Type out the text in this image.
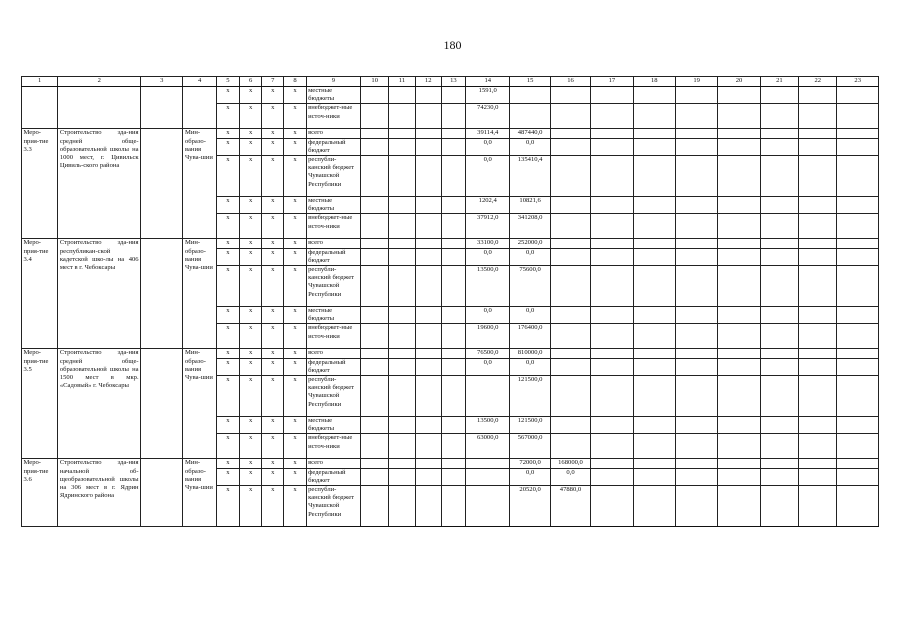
180
1	2	3	4	5	6	7	8	9	10	11	12	13	14	15	16	17	18	19	20	21	22	23
				x	x	x	x	местные бюджеты					1591,0									
				x	x	x	x	внебюджет-ные источ-ники					74230,0									
Меро-прия-тие 3.3	Строительство зда-ния средней обще-образовательной школы на 1000 мест, г. Цивильск Цивиль-ского района		Мин-образо-вания Чува-шии	x	x	x	x	всего					39114,4	487440,0								
				x	x	x	x	федеральный бюджет					0,0	0,0								
				x	x	x	x	республи-канский бюджет Чувашской Республики					0,0	135410,4								
				x	x	x	x	местные бюджеты					1202,4	10821,6								
				x	x	x	x	внебюджет-ные источ-ники					37912,0	341208,0								
Меро-прия-тие 3.4	Строительство зда-ния республикан-ской кадетской шко-лы на 406 мест в г. Чебоксары		Мин-образо-вания Чува-шии	x	x	x	x	всего					33100,0	252000,0								
				x	x	x	x	федеральный бюджет					0,0	0,0								
				x	x	x	x	республи-канский бюджет Чувашской Республики					13500,0	75600,0								
				x	x	x	x	местные бюджеты					0,0	0,0								
				x	x	x	x	внебюджет-ные источ-ники					19600,0	176400,0								
Меро-прия-тие 3.5	Строительство зда-ния средней обще-образовательной школы на 1500 мест в мкр. «Садовый» г. Чебоксары		Мин-образо-вания Чува-шии	x	x	x	x	всего					76500,0	810000,0								
				x	x	x	x	федеральный бюджет					0,0	0,0								
				x	x	x	x	республи-канский бюджет Чувашской Республики						121500,0								
				x	x	x	x	местные бюджеты					13500,0	121500,0								
				x	x	x	x	внебюджет-ные источ-ники					63000,0	567000,0								
Меро-прия-тие 3.6	Строительство зда-ния начальной об-щеобразовательной школы на 306 мест в г. Ядрин Ядринского района		Мин-образо-вания Чува-шии	x	x	x	x	всего						72000,0	168000,0							
				x	x	x	x	федеральный бюджет						0,0	0,0							
				x	x	x	x	республи-канский бюджет Чувашской Республики						20520,0	47880,0							
